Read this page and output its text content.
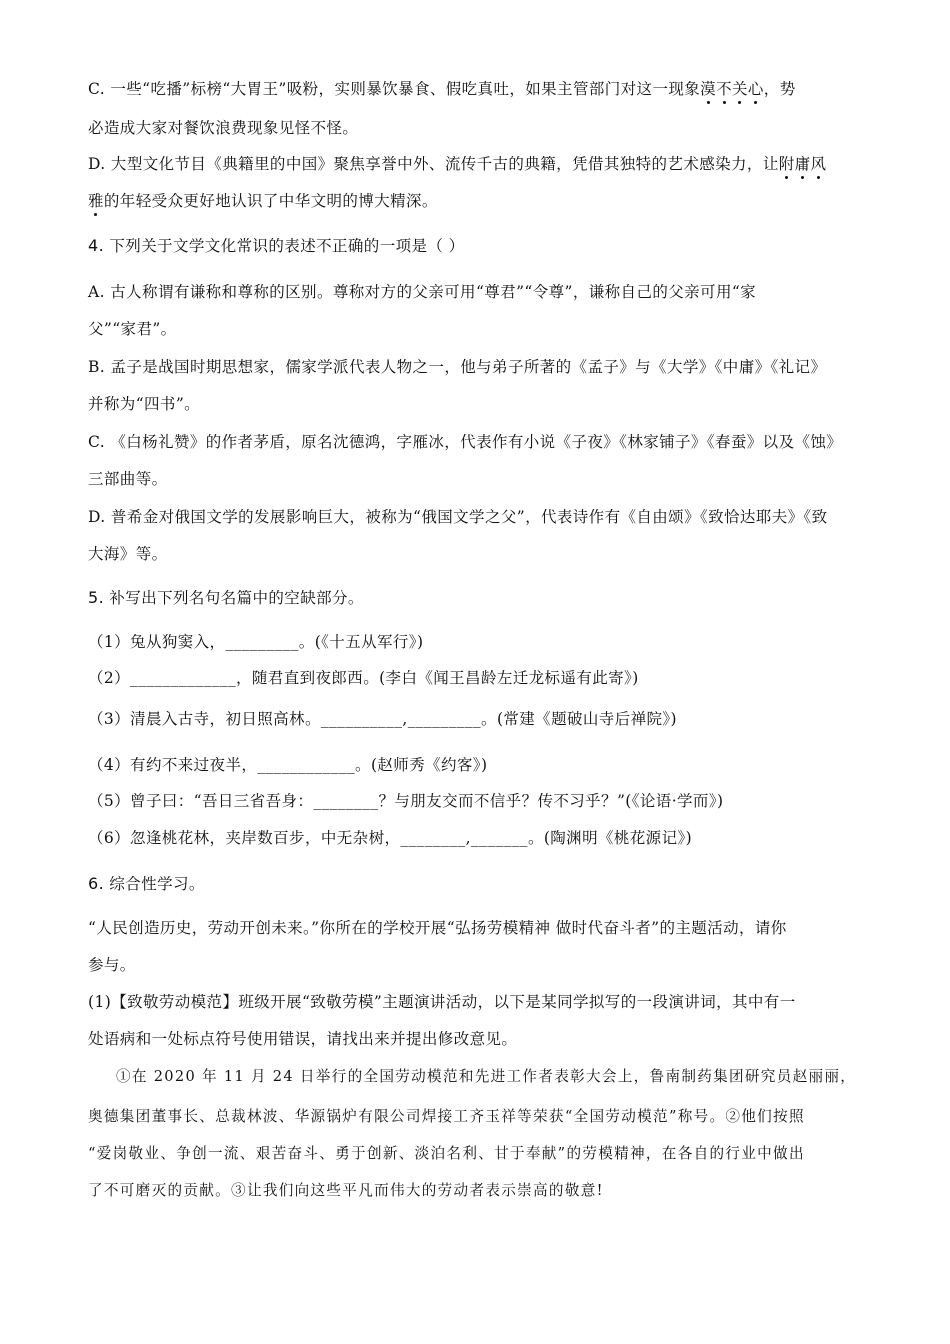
C. 一些“吃播”标榜“大胃王”吸粉，实则暴饮暴食、假吃真吐，如果主管部门对这一现象漠不关心，势

必造成大家对餐饮浪费现象见怪不怪。

D. 大型文化节目《典籍里的中国》聚焦享誉中外、流传千古的典籍，凭借其独特的艺术感染力，让附庸风

雅的年轻受众更好地认识了中华文明的博大精深。

4. 下列关于文学文化常识的表述不正确的一项是（ ）

A. 古人称谓有谦称和尊称的区别。尊称对方的父亲可用“尊君”“令尊”，谦称自己的父亲可用“家

父”“家君”。

B. 孟子是战国时期思想家，儒家学派代表人物之一，他与弟子所著的《孟子》与《大学》《中庸》《礼记》

并称为“四书”。

C. 《白杨礼赞》的作者茅盾，原名沈德鸿，字雁冰，代表作有小说《子夜》《林家铺子》《春蚕》以及《蚀》

三部曲等。

D. 普希金对俄国文学的发展影响巨大，被称为“俄国文学之父”，代表诗作有《自由颂》《致恰达耶夫》《致

大海》等。

5. 补写出下列名句名篇中的空缺部分。

（1）兔从狗窦入，_________。(《十五从军行》)

（2）_____________，随君直到夜郎西。(李白《闻王昌龄左迁龙标遥有此寄》)

（3）清晨入古寺，初日照高林。__________,_________。(常建《题破山寺后禅院》)

（4）有约不来过夜半，____________。(赵师秀《约客》)

（5）曾子曰：“吾日三省吾身：________？与朋友交而不信乎？传不习乎？”(《论语·学而》)

（6）忽逢桃花林，夹岸数百步，中无杂树，________,_______。(陶渊明《桃花源记》)

6. 综合性学习。

“人民创造历史，劳动开创未来。”你所在的学校开展“弘扬劳模精神 做时代奋斗者”的主题活动，请你

参与。

(1)【致敬劳动模范】班级开展“致敬劳模”主题演讲活动，以下是某同学拟写的一段演讲词，其中有一

处语病和一处标点符号使用错误，请找出来并提出修改意见。

①在 2020 年 11 月 24 日举行的全国劳动模范和先进工作者表彰大会上，鲁南制药集团研究员赵丽丽，

奥德集团董事长、总裁林波、华源锅炉有限公司焊接工齐玉祥等荣获“全国劳动模范”称号。②他们按照

“爱岗敬业、争创一流、艰苦奋斗、勇于创新、淡泊名利、甘于奉献”的劳模精神，在各自的行业中做出

了不可磨灭的贡献。③让我们向这些平凡而伟大的劳动者表示崇高的敬意!
